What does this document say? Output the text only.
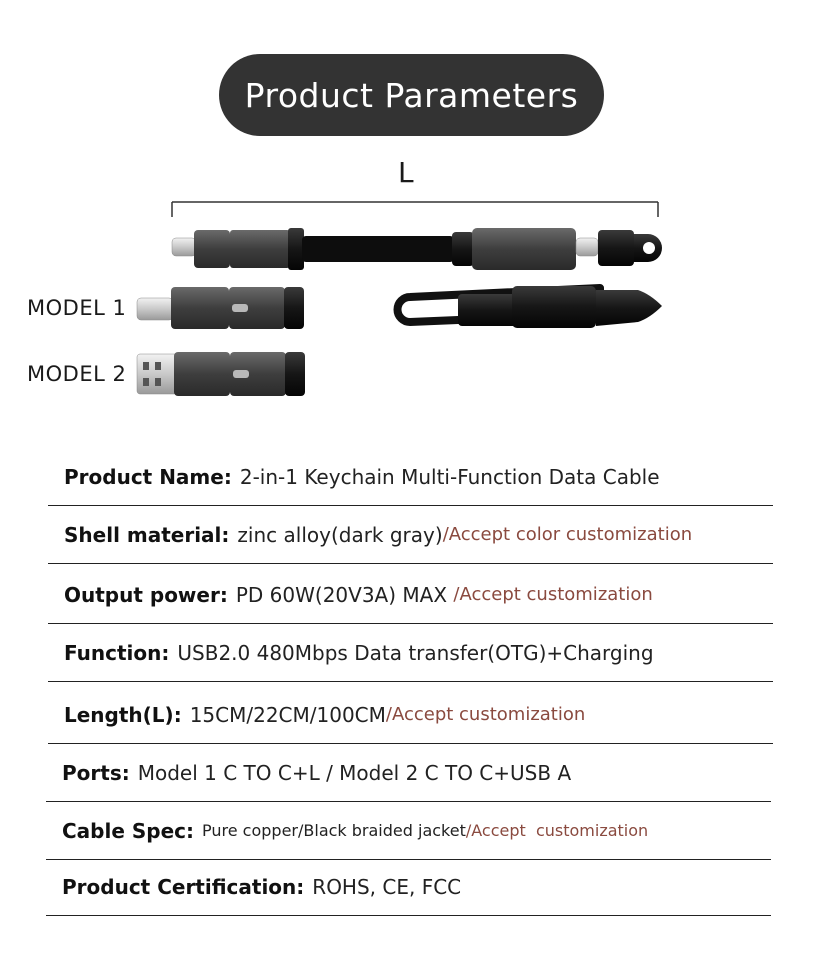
Product Parameters
L
MODEL 1
MODEL 2
Product Name: 2-in-1 Keychain Multi-Function Data Cable
Shell material: zinc alloy(dark gray) /Accept color customization
Output power: PD 60W(20V3A) MAX /Accept customization
Function: USB2.0 480Mbps Data transfer(OTG)+Charging
Length(L): 15CM/22CM/100CM /Accept customization
Ports: Model 1 C TO C+L / Model 2 C TO C+USB A
Cable Spec: Pure copper/Black braided jacket /Accept  customization
Product Certification: ROHS, CE, FCC
